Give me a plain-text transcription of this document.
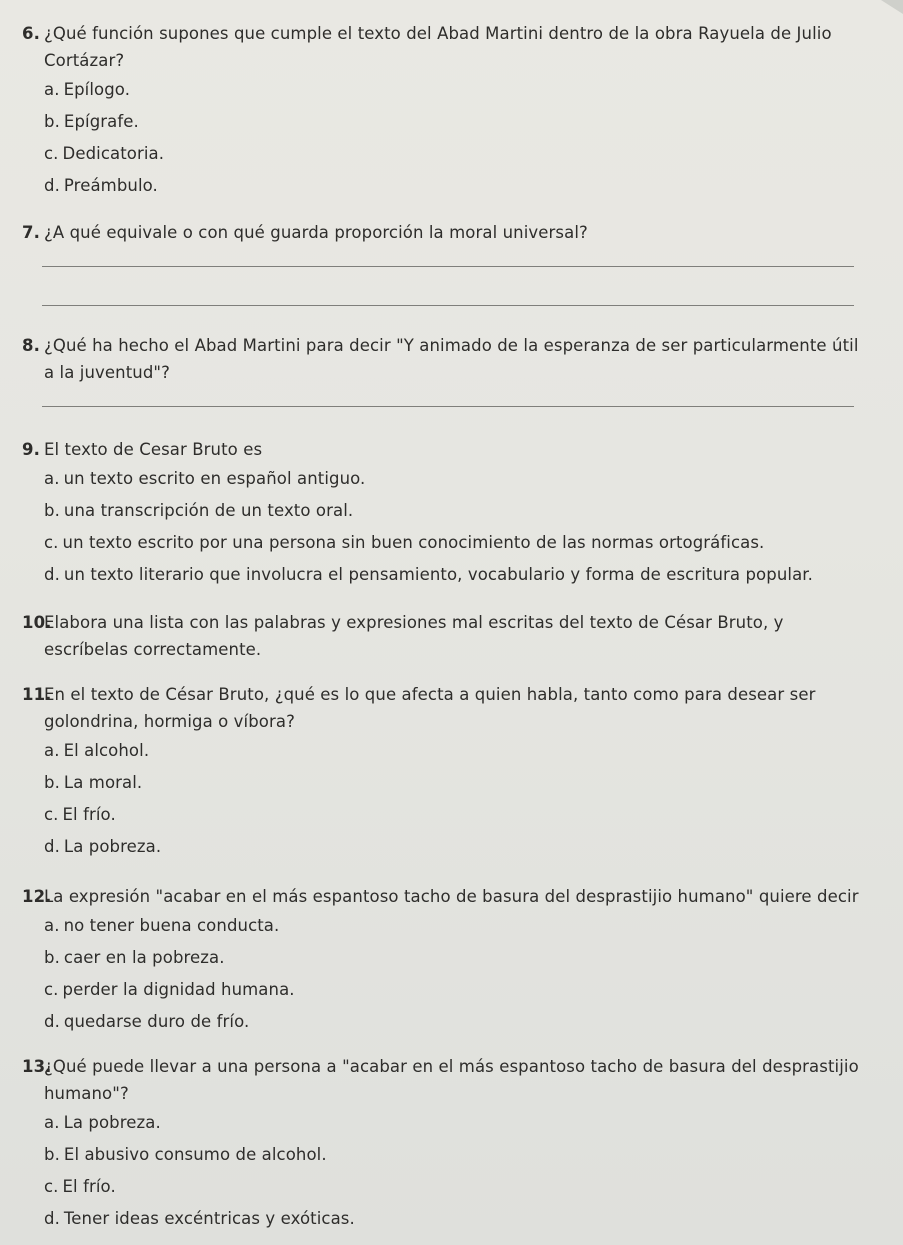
6. ¿Qué función supones que cumple el texto del Abad Martini dentro de la obra Rayuela de Julio Cortázar?
a. Epílogo.
b. Epígrafe.
c. Dedicatoria.
d. Preámbulo.
7. ¿A qué equivale o con qué guarda proporción la moral universal?
8. ¿Qué ha hecho el Abad Martini para decir "Y animado de la esperanza de ser particularmente útil a la juventud"?
9. El texto de Cesar Bruto es
a. un texto escrito en español antiguo.
b. una transcripción de un texto oral.
c. un texto escrito por una persona sin buen conocimiento de las normas ortográficas.
d. un texto literario que involucra el pensamiento, vocabulario y forma de escritura popular.
10.
Elabora una lista con las palabras y expresiones mal escritas del texto de César Bruto, y escríbelas correctamente.
11.
En el texto de César Bruto, ¿qué es lo que afecta a quien habla, tanto como para desear ser golondrina, hormiga o víbora?
a. El alcohol.
b. La moral.
c. El frío.
d. La pobreza.
12.
La expresión "acabar en el más espantoso tacho de basura del desprastijio humano" quiere decir
a. no tener buena conducta.
b. caer en la pobreza.
c. perder la dignidad humana.
d. quedarse duro de frío.
13.
¿Qué puede llevar a una persona a "acabar en el más espantoso tacho de basura del desprastijio humano"?
a. La pobreza.
b. El abusivo consumo de alcohol.
c. El frío.
d. Tener ideas excéntricas y exóticas.
